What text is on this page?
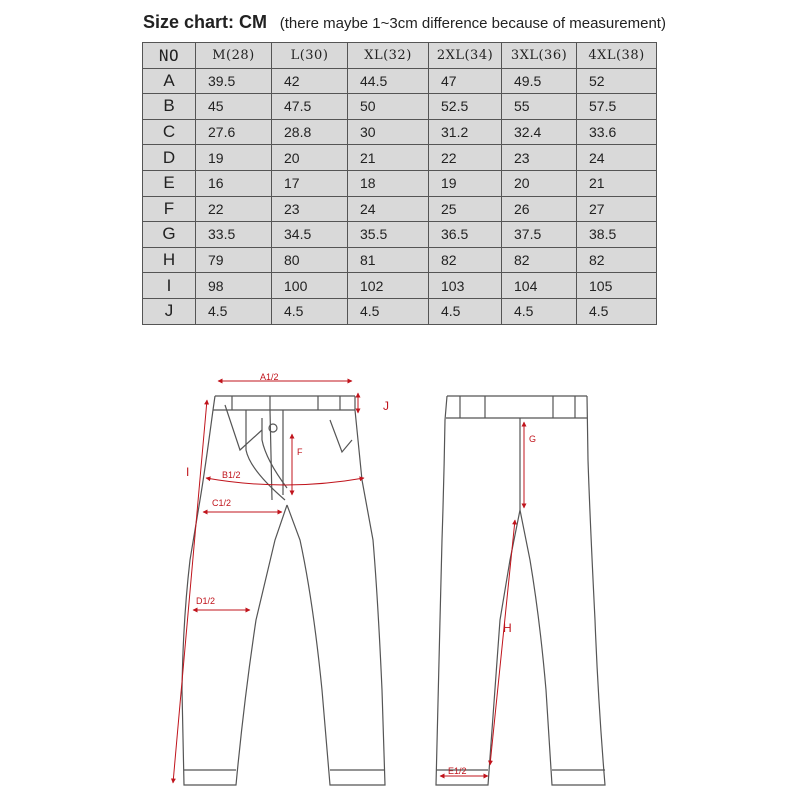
Size chart: CM (there maybe 1~3cm difference because of measurement)
NO	M(28)	L(30)	XL(32)	2XL(34)	3XL(36)	4XL(38)
A	39.5	42	44.5	47	49.5	52
B	45	47.5	50	52.5	55	57.5
C	27.6	28.8	30	31.2	32.4	33.6
D	19	20	21	22	23	24
E	16	17	18	19	20	21
F	22	23	24	25	26	27
G	33.5	34.5	35.5	36.5	37.5	38.5
H	79	80	81	82	82	82
I	98	100	102	103	104	105
J	4.5	4.5	4.5	4.5	4.5	4.5
A1/2
J
F
B1/2
C1/2
D1/2
I
G
H
E1/2
